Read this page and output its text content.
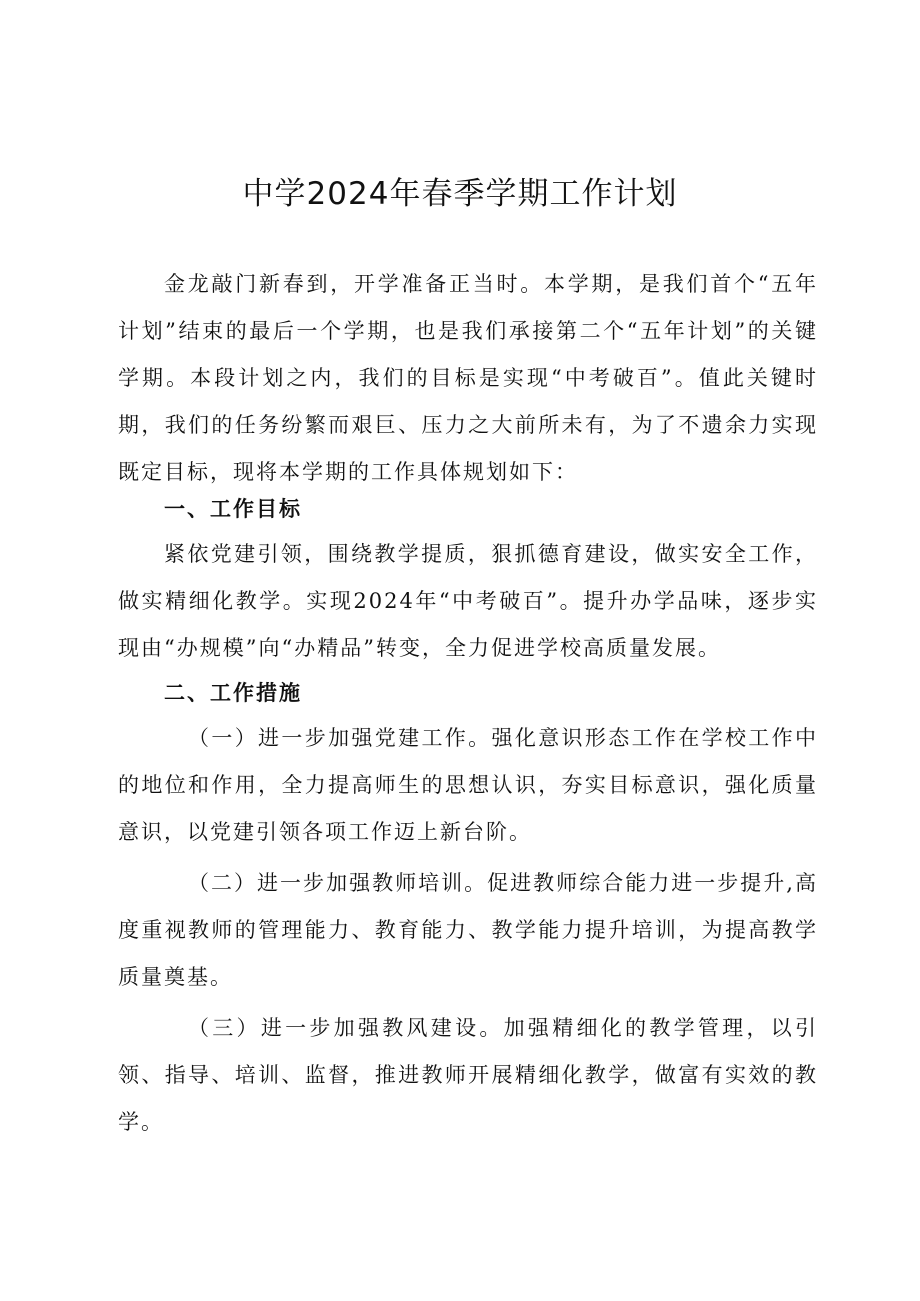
中学2024年春季学期工作计划

金龙敲门新春到，开学准备正当时。本学期，是我们首个“五年计划”结束的最后一个学期，也是我们承接第二个“五年计划”的关键学期。本段计划之内，我们的目标是实现“中考破百”。值此关键时期，我们的任务纷繁而艰巨、压力之大前所未有，为了不遗余力实现既定目标，现将本学期的工作具体规划如下：

一、工作目标

紧依党建引领，围绕教学提质，狠抓德育建设，做实安全工作，做实精细化教学。实现2024年“中考破百”。提升办学品味，逐步实现由“办规模”向“办精品”转变，全力促进学校高质量发展。

二、工作措施

（一）进一步加强党建工作。强化意识形态工作在学校工作中的地位和作用，全力提高师生的思想认识，夯实目标意识，强化质量意识，以党建引领各项工作迈上新台阶。

（二）进一步加强教师培训。促进教师综合能力进一步提升,高度重视教师的管理能力、教育能力、教学能力提升培训，为提高教学质量奠基。

（三）进一步加强教风建设。加强精细化的教学管理，以引领、指导、培训、监督，推进教师开展精细化教学，做富有实效的教学。
